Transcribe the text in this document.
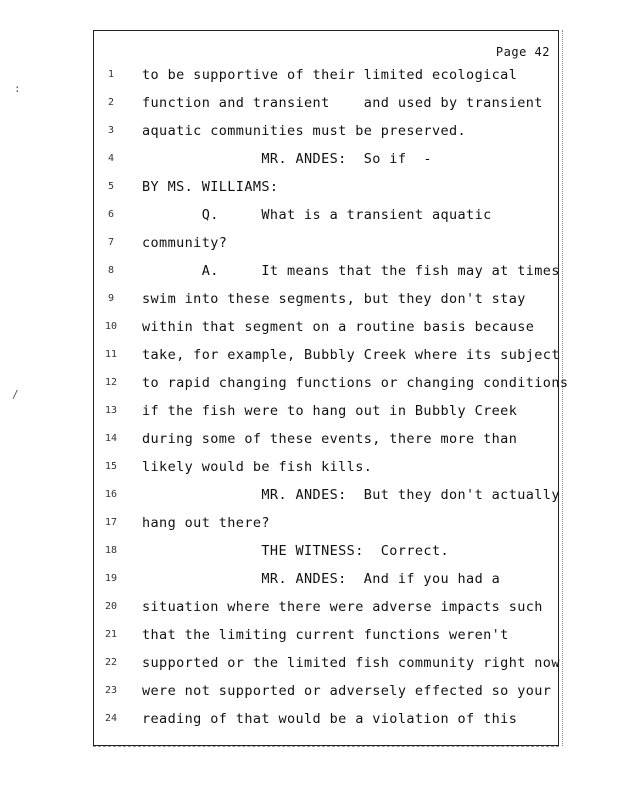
Page 42
1	to be supportive of their limited ecological
2	function and transient    and used by transient
3	aquatic communities must be preserved.
4	MR. ANDES:  So if  -
5	BY MS. WILLIAMS:
6	Q.     What is a transient aquatic
7	community?
8	A.     It means that the fish may at times
9	swim into these segments, but they don't stay
10	within that segment on a routine basis because
11	take, for example, Bubbly Creek where its subject
12	to rapid changing functions or changing conditions
13	if the fish were to hang out in Bubbly Creek
14	during some of these events, there more than
15	likely would be fish kills.
16	MR. ANDES:  But they don't actually
17	hang out there?
18	THE WITNESS:  Correct.
19	MR. ANDES:  And if you had a
20	situation where there were adverse impacts such
21	that the limiting current functions weren't
22	supported or the limited fish community right now
23	were not supported or adversely effected so your
24	reading of that would be a violation of this
:
/
